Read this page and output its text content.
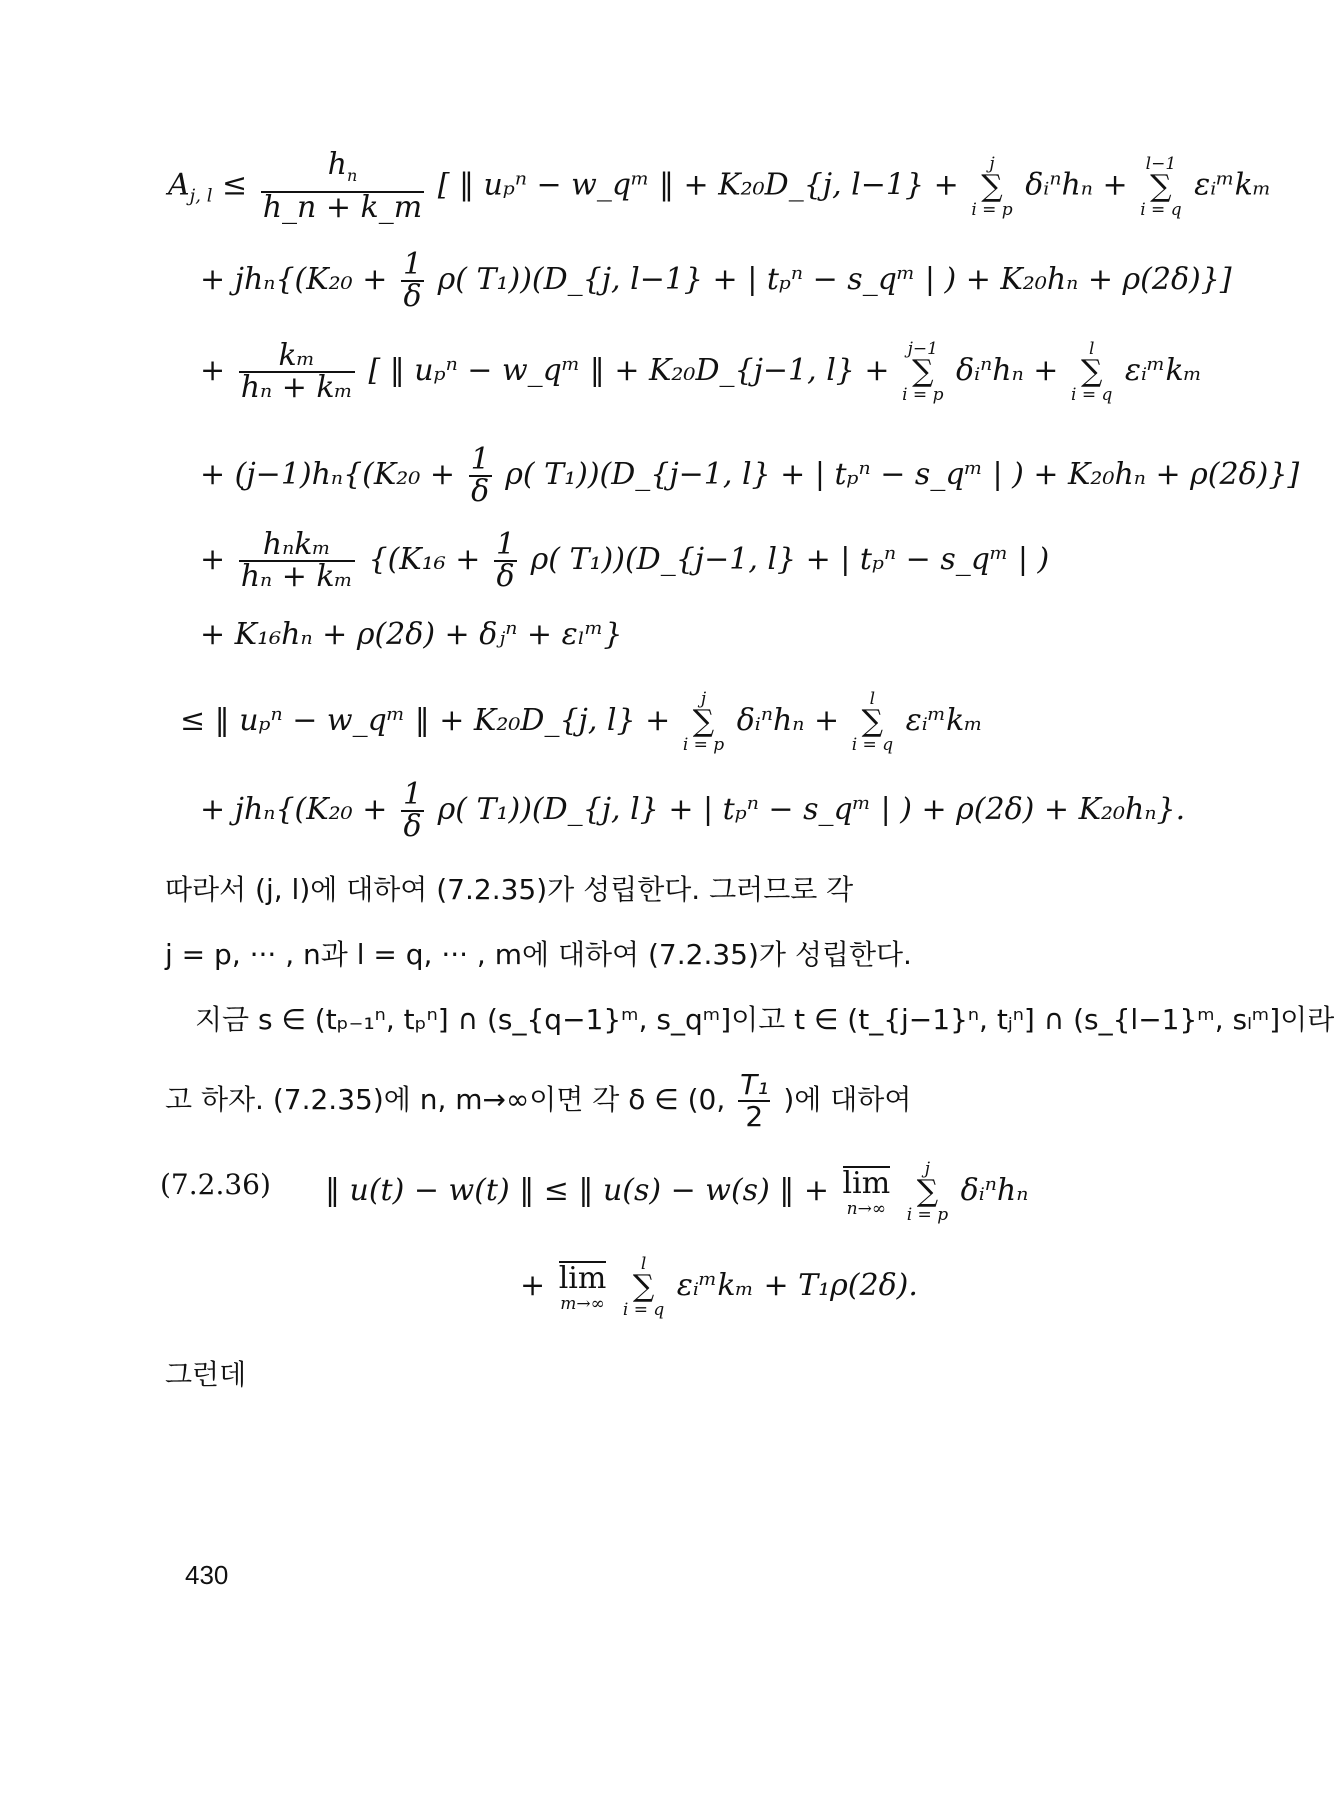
$A_{j, l} \le \frac{h_n}{h\_n + k\_m}$ [ ‖ uₚⁿ − w_qᵐ ‖ + K₂₀D_{j, l−1} +
j
∑
i = p
δᵢⁿhₙ +
l−1
∑
i = q
εᵢᵐkₘ
+ $jh_n\{(K_{20} + \frac{1}{\delta} \rho$( T₁))(D_{j, l−1} + | tₚⁿ − s_qᵐ | ) + K₂₀hₙ + ρ(2δ)}]
+ $\frac{\text{kₘ}}{\text{hₙ + kₘ}}$ [ ‖ uₚⁿ − w_qᵐ ‖ + K₂₀D_{j−1, l} +
j−1
∑
i = p
δᵢⁿhₙ +
l
∑
i = q
εᵢᵐkₘ
+ $(j-1)h_n\{(K_{20} + \frac{1}{\delta} \rho$( T₁))(D_{j−1, l} + | tₚⁿ − s_qᵐ | ) + K₂₀hₙ + ρ(2δ)}]
+ $\frac{\text{hₙkₘ}}{\text{hₙ + kₘ}} \{(K_{16} + \frac{1}{\delta} \rho$( T₁))(D_{j−1, l} + | tₚⁿ − s_qᵐ | )
+ K₁₆hₙ + ρ(2δ) + δⱼⁿ + εₗᵐ}
≤ ‖ uₚⁿ − w_qᵐ ‖ + K₂₀D_{j, l} +
j
∑
i = p
δᵢⁿhₙ +
l
∑
i = q
εᵢᵐkₘ
+ $jh_n\{(K_{20} + \frac{1}{\delta} \rho$( T₁))(D_{j, l} + | tₚⁿ − s_qᵐ | ) + ρ(2δ) + K₂₀hₙ}.
따라서 (j, l)에 대하여 (7.2.35)가 성립한다. 그러므로 각
j = p, ··· , n과 l = q, ··· , m에 대하여 (7.2.35)가 성립한다.
지금 s ∈ (tₚ₋₁ⁿ, tₚⁿ] ∩ (s_{q−1}ᵐ, s_qᵐ]이고 t ∈ (t_{j−1}ⁿ, tⱼⁿ] ∩ (s_{l−1}ᵐ, sₗᵐ]이라
고 하자. (7.2.35)에 n, m→∞이면 각 δ ∈ (0, $\frac{\text{T₁}}{2}$ )에 대하여
(7.2.36) ‖ u(t) − w(t) ‖ ≤ ‖ u(s) − w(s) ‖ + lim
n→∞

j
∑
i = p
δᵢⁿhₙ
+ lim
m→∞

l
∑
i = q
εᵢᵐkₘ + T₁ρ(2δ).
그런데
430
